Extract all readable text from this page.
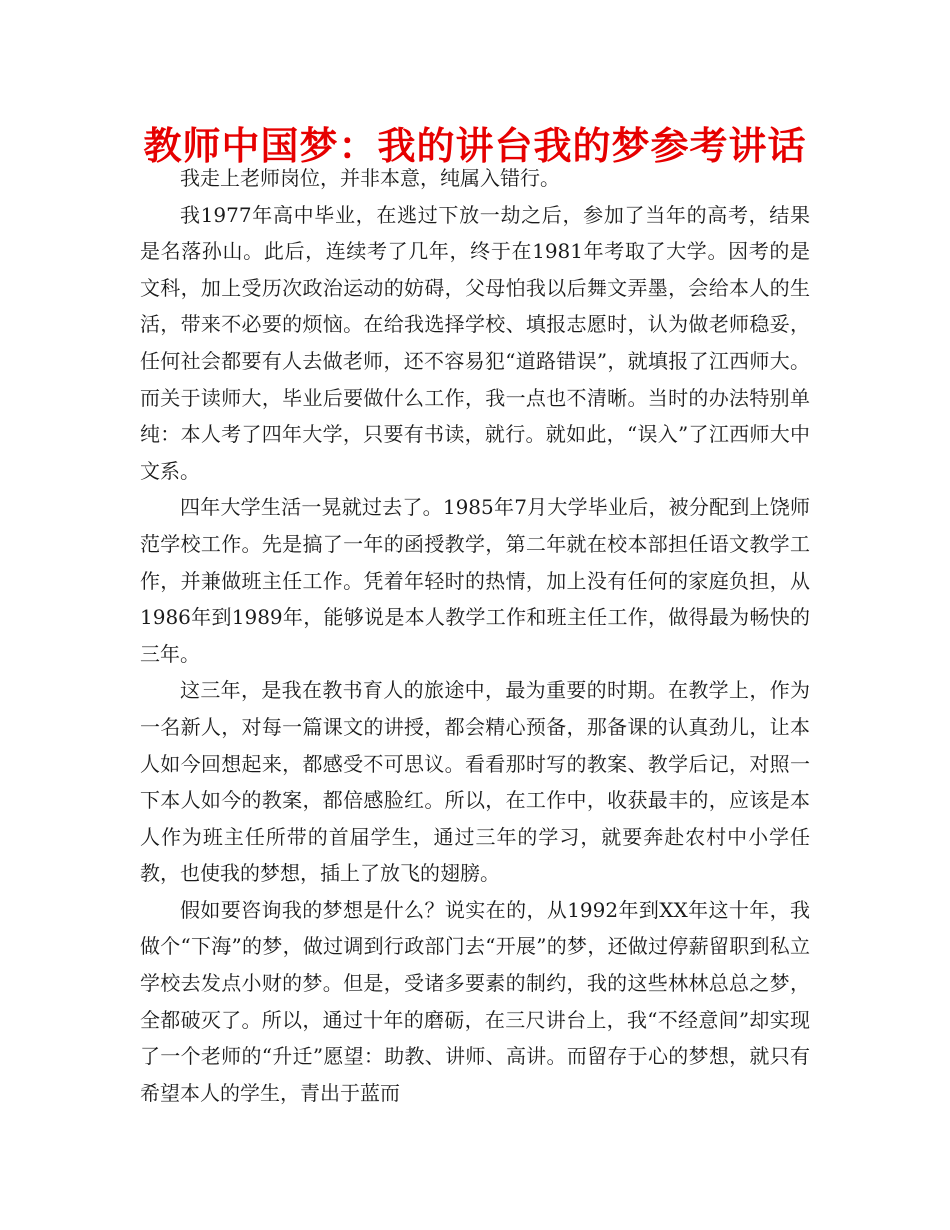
教师中国梦：我的讲台我的梦参考讲话

我走上老师岗位，并非本意，纯属入错行。

我1977年高中毕业，在逃过下放一劫之后，参加了当年的高考，结果是名落孙山。此后，连续考了几年，终于在1981年考取了大学。因考的是文科，加上受历次政治运动的妨碍，父母怕我以后舞文弄墨，会给本人的生活，带来不必要的烦恼。在给我选择学校、填报志愿时，认为做老师稳妥，任何社会都要有人去做老师，还不容易犯“道路错误”，就填报了江西师大。而关于读师大，毕业后要做什么工作，我一点也不清晰。当时的办法特别单纯：本人考了四年大学，只要有书读，就行。就如此，“误入”了江西师大中文系。

四年大学生活一晃就过去了。1985年7月大学毕业后，被分配到上饶师范学校工作。先是搞了一年的函授教学，第二年就在校本部担任语文教学工作，并兼做班主任工作。凭着年轻时的热情，加上没有任何的家庭负担，从1986年到1989年，能够说是本人教学工作和班主任工作，做得最为畅快的三年。

这三年，是我在教书育人的旅途中，最为重要的时期。在教学上，作为一名新人，对每一篇课文的讲授，都会精心预备，那备课的认真劲儿，让本人如今回想起来，都感受不可思议。看看那时写的教案、教学后记，对照一下本人如今的教案，都倍感脸红。所以，在工作中，收获最丰的，应该是本人作为班主任所带的首届学生，通过三年的学习，就要奔赴农村中小学任教，也使我的梦想，插上了放飞的翅膀。

假如要咨询我的梦想是什么？说实在的，从1992年到XX年这十年，我做个“下海”的梦，做过调到行政部门去“开展”的梦，还做过停薪留职到私立学校去发点小财的梦。但是，受诸多要素的制约，我的这些林林总总之梦，全都破灭了。所以，通过十年的磨砺，在三尺讲台上，我“不经意间”却实现了一个老师的“升迁”愿望：助教、讲师、高讲。而留存于心的梦想，就只有希望本人的学生，青出于蓝而
